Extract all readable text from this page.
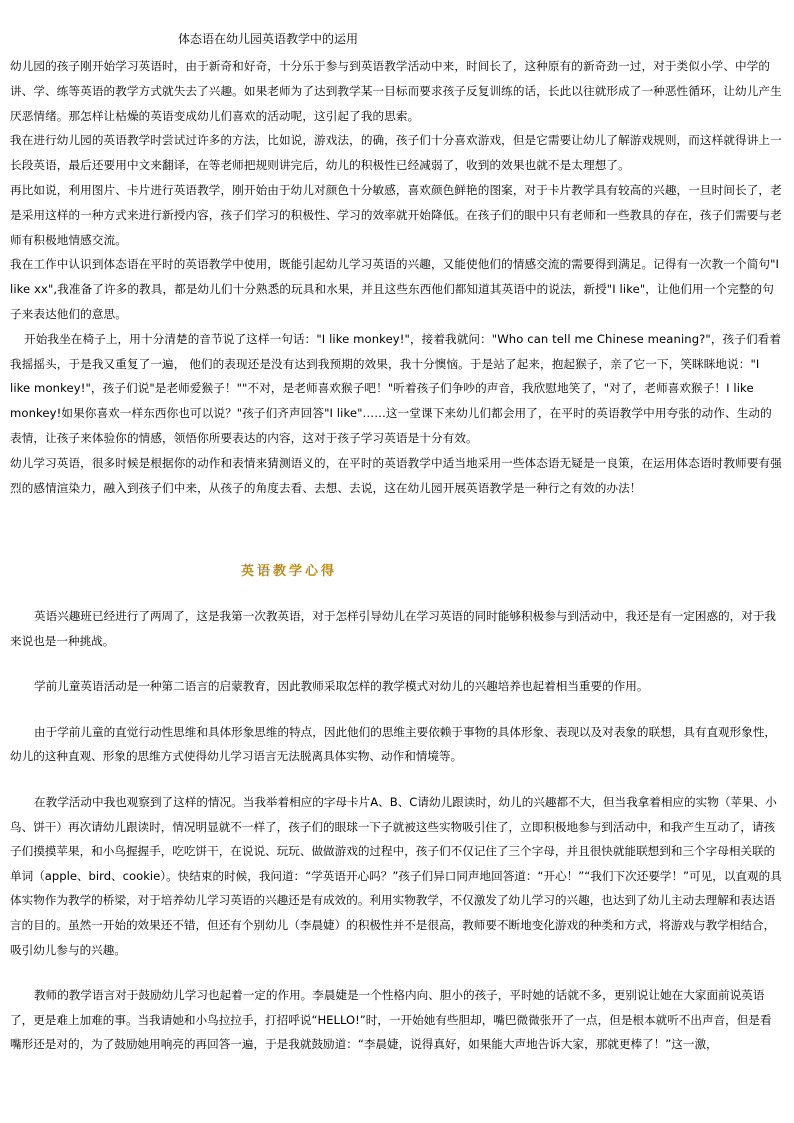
体态语在幼儿园英语教学中的运用

幼儿园的孩子刚开始学习英语时，由于新奇和好奇，十分乐于参与到英语教学活动中来，时间长了，这种原有的新奇劲一过，对于类似小学、中学的讲、学、练等英语的教学方式就失去了兴趣。如果老师为了达到教学某一目标而要求孩子反复训练的话，长此以往就形成了一种恶性循环，让幼儿产生厌恶情绪。那怎样让枯燥的英语变成幼儿们喜欢的活动呢，这引起了我的思索。

我在进行幼儿园的英语教学时尝试过许多的方法，比如说，游戏法，的确，孩子们十分喜欢游戏，但是它需要让幼儿了解游戏规则，而这样就得讲上一长段英语，最后还要用中文来翻译，在等老师把规则讲完后，幼儿的积极性已经减弱了，收到的效果也就不是太理想了。

再比如说，利用图片、卡片进行英语教学，刚开始由于幼儿对颜色十分敏感，喜欢颜色鲜艳的图案，对于卡片教学具有较高的兴趣，一旦时间长了，老是采用这样的一种方式来进行新授内容，孩子们学习的积极性、学习的效率就开始降低。在孩子们的眼中只有老师和一些教具的存在，孩子们需要与老师有积极地情感交流。

我在工作中认识到体态语在平时的英语教学中使用，既能引起幼儿学习英语的兴趣，又能使他们的情感交流的需要得到满足。记得有一次教一个简句"I like xx",我准备了许多的教具，都是幼儿们十分熟悉的玩具和水果，并且这些东西他们都知道其英语中的说法，新授"I like"，让他们用一个完整的句子来表达他们的意思。

开始我坐在椅子上，用十分清楚的音节说了这样一句话："I like monkey!"，接着我就问："Who can tell me Chinese meaning?"，孩子们看着我摇摇头，于是我又重复了一遍， 他们的表现还是没有达到我预期的效果，我十分懊恼。于是站了起来，抱起猴子，亲了它一下，笑眯眯地说："I like monkey!"，孩子们说"是老师爱猴子！""不对，是老师喜欢猴子吧！"听着孩子们争吵的声音，我欣慰地笑了，"对了，老师喜欢猴子！I like monkey!如果你喜欢一样东西你也可以说？"孩子们齐声回答"I like"……这一堂课下来幼儿们都会用了，在平时的英语教学中用夸张的动作、生动的表情，让孩子来体验你的情感，领悟你所要表达的内容，这对于孩子学习英语是十分有效。

幼儿学习英语，很多时候是根据你的动作和表情来猜测语义的，在平时的英语教学中适当地采用一些体态语无疑是一良策，在运用体态语时教师要有强烈的感情渲染力，融入到孩子们中来，从孩子的角度去看、去想、去说，这在幼儿园开展英语教学是一种行之有效的办法！

英语教学心得

英语兴趣班已经进行了两周了，这是我第一次教英语，对于怎样引导幼儿在学习英语的同时能够积极参与到活动中，我还是有一定困惑的，对于我来说也是一种挑战。

学前儿童英语活动是一种第二语言的启蒙教育，因此教师采取怎样的教学模式对幼儿的兴趣培养也起着相当重要的作用。

由于学前儿童的直觉行动性思维和具体形象思维的特点，因此他们的思维主要依赖于事物的具体形象、表现以及对表象的联想，具有直观形象性，幼儿的这种直观、形象的思维方式使得幼儿学习语言无法脱离具体实物、动作和情境等。

在教学活动中我也观察到了这样的情况。当我举着相应的字母卡片A、B、C请幼儿跟读时，幼儿的兴趣都不大，但当我拿着相应的实物（苹果、小鸟、饼干）再次请幼儿跟读时，情况明显就不一样了，孩子们的眼球一下子就被这些实物吸引住了，立即积极地参与到活动中，和我产生互动了，请孩子们摸摸苹果，和小鸟握握手，吃吃饼干，在说说、玩玩、做做游戏的过程中，孩子们不仅记住了三个字母，并且很快就能联想到和三个字母相关联的单词（apple、bird、cookie）。快结束的时候，我问道：“学英语开心吗？”孩子们异口同声地回答道：“开心！”“我们下次还要学！”可见，以直观的具体实物作为教学的桥梁，对于培养幼儿学习英语的兴趣还是有成效的。利用实物教学，不仅激发了幼儿学习的兴趣，也达到了幼儿主动去理解和表达语言的目的。虽然一开始的效果还不错，但还有个别幼儿（李晨婕）的积极性并不是很高，教师要不断地变化游戏的种类和方式，将游戏与教学相结合，吸引幼儿参与的兴趣。

教师的教学语言对于鼓励幼儿学习也起着一定的作用。李晨婕是一个性格内向、胆小的孩子，平时她的话就不多，更别说让她在大家面前说英语了，更是难上加难的事。当我请她和小鸟拉拉手，打招呼说“HELLO!”时，一开始她有些胆却，嘴巴微微张开了一点，但是根本就听不出声音，但是看嘴形还是对的，为了鼓励她用响亮的再回答一遍，于是我就鼓励道：“李晨婕，说得真好，如果能大声地告诉大家，那就更棒了！”这一激，
